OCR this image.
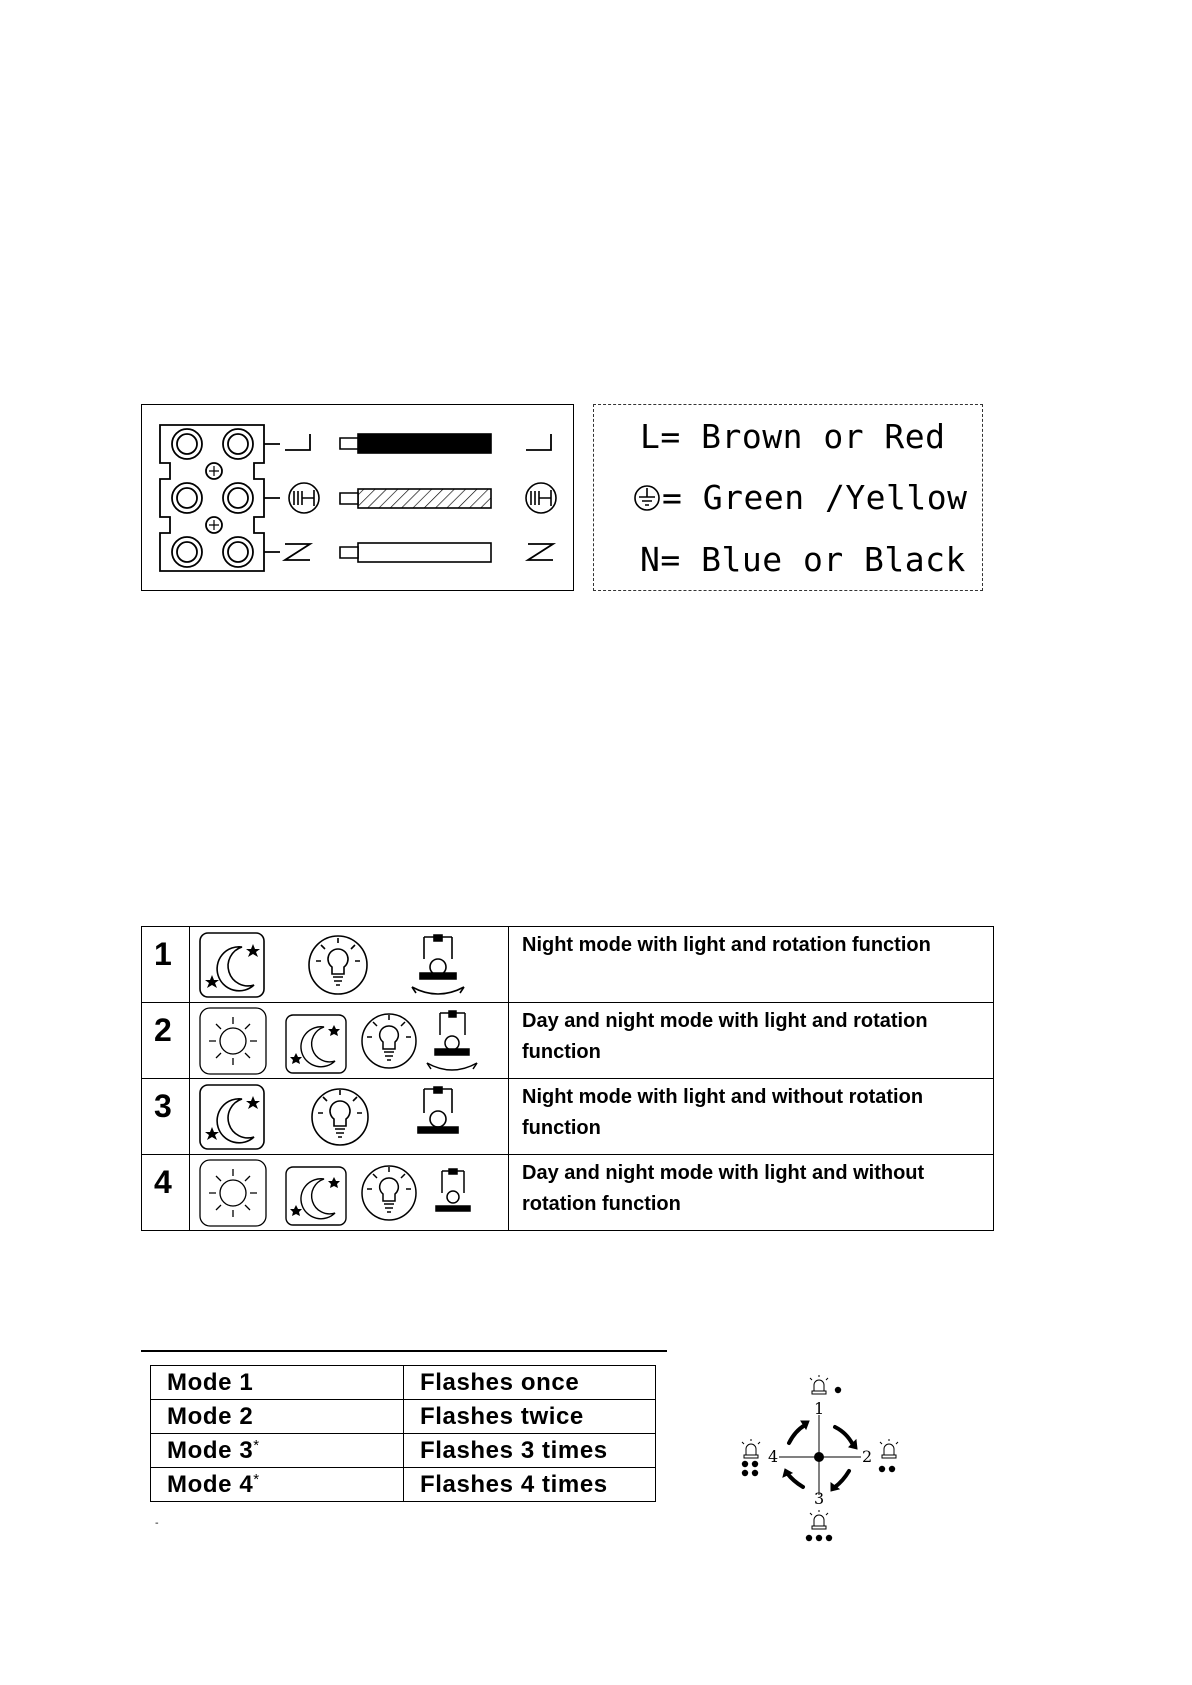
L= Brown or Red
= Green /Yellow
N= Blue or Black
1		Night mode with light and rotation function
2		Day and night mode with light and rotation function
3		Night mode with light and without rotation function
4		Day and night mode with light and without rotation function
Mode 1	Flashes once
Mode 2	Flashes twice
Mode 3*	Flashes 3 times
Mode 4*	Flashes 4 times
-
1
2
3
4
